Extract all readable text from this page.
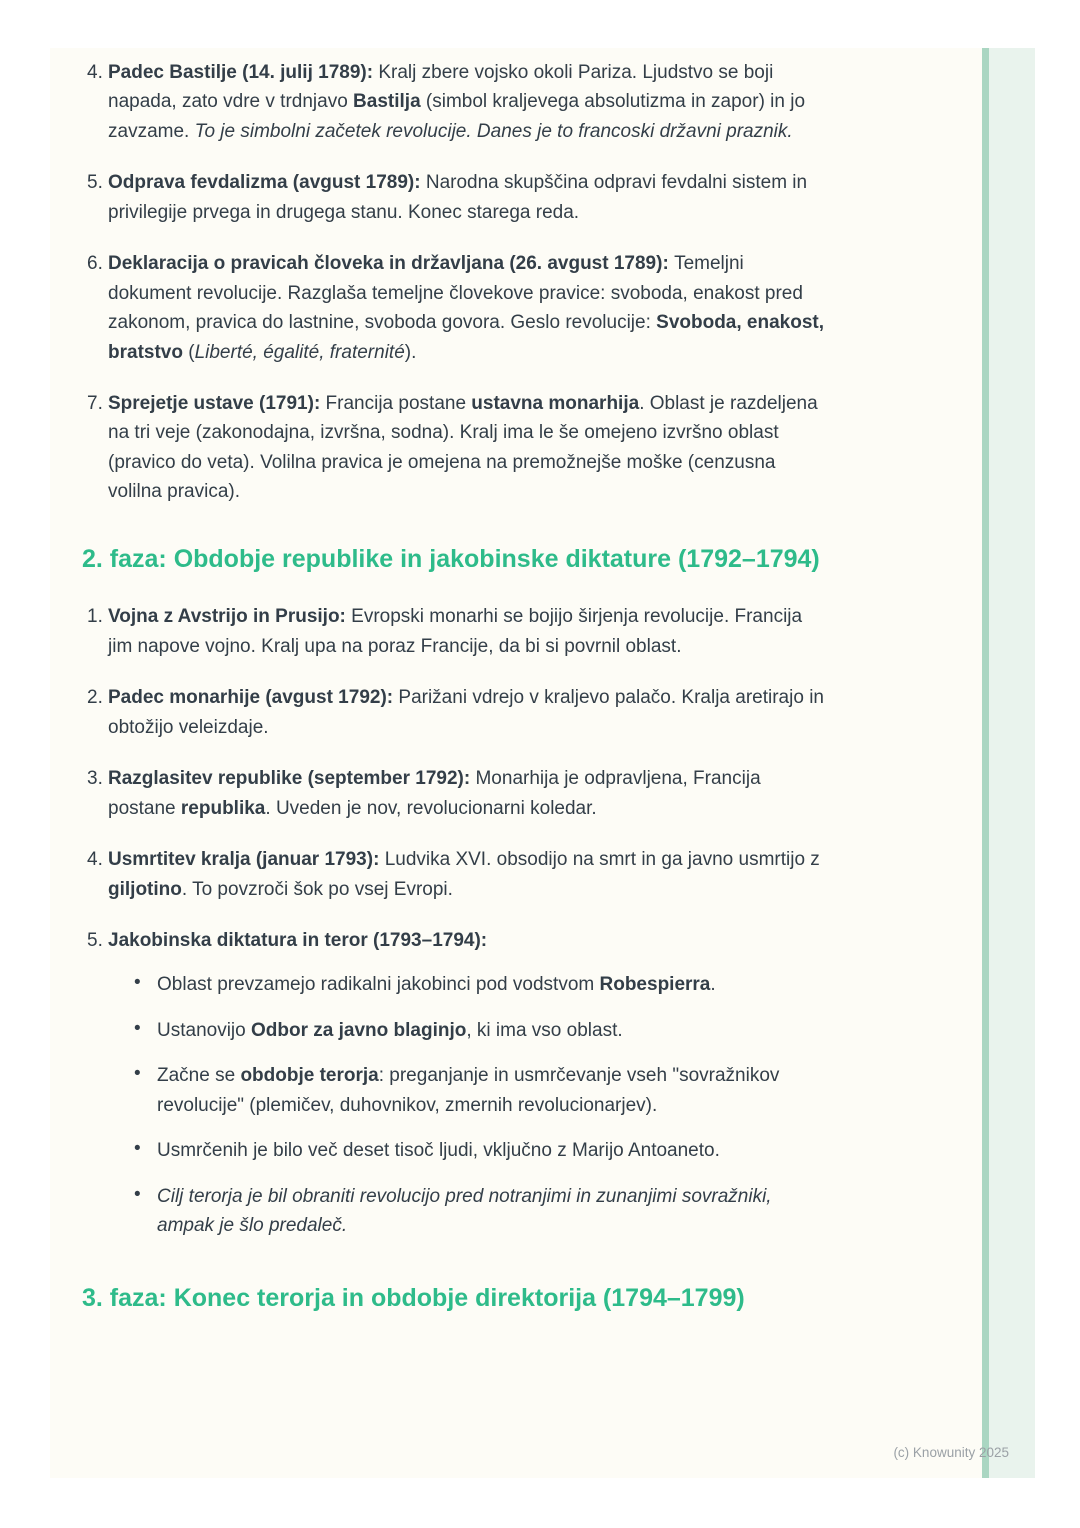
4. Padec Bastilje (14. julij 1789): Kralj zbere vojsko okoli Pariza. Ljudstvo se boji napada, zato vdre v trdnjavo Bastilja (simbol kraljevega absolutizma in zapor) in jo zavzame. To je simbolni začetek revolucije. Danes je to francoski državni praznik.
5. Odprava fevdalizma (avgust 1789): Narodna skupščina odpravi fevdalni sistem in privilegije prvega in drugega stanu. Konec starega reda.
6. Deklaracija o pravicah človeka in državljana (26. avgust 1789): Temeljni dokument revolucije. Razglaša temeljne človekove pravice: svoboda, enakost pred zakonom, pravica do lastnine, svoboda govora. Geslo revolucije: Svoboda, enakost, bratstvo (Liberté, égalité, fraternité).
7. Sprejetje ustave (1791): Francija postane ustavna monarhija. Oblast je razdeljena na tri veje (zakonodajna, izvršna, sodna). Kralj ima le še omejeno izvršno oblast (pravico do veta). Volilna pravica je omejena na premožnejše moške (cenzusna volilna pravica).
2. faza: Obdobje republike in jakobinske diktature (1792–1794)
1. Vojna z Avstrijo in Prusijo: Evropski monarhi se bojijo širjenja revolucije. Francija jim napove vojno. Kralj upa na poraz Francije, da bi si povrnil oblast.
2. Padec monarhije (avgust 1792): Parižani vdrejo v kraljevo palačo. Kralja aretirajo in obtožijo veleizdaje.
3. Razglasitev republike (september 1792): Monarhija je odpravljena, Francija postane republika. Uveden je nov, revolucionarni koledar.
4. Usmrtitev kralja (januar 1793): Ludvika XVI. obsodijo na smrt in ga javno usmrtijo z giljotino. To povzroči šok po vsej Evropi.
5. Jakobinska diktatura in teror (1793–1794):
• Oblast prevzamejo radikalni jakobinci pod vodstvom Robespierra.
• Ustanovijo Odbor za javno blaginjo, ki ima vso oblast.
• Začne se obdobje terorja: preganjanje in usmrčevanje vseh "sovražnikov revolucije" (plemičev, duhovnikov, zmernih revolucionarjev).
• Usmrčenih je bilo več deset tisoč ljudi, vključno z Marijo Antoaneto.
• Cilj terorja je bil obraniti revolucijo pred notranjimi in zunanjimi sovražniki, ampak je šlo predaleč.
3. faza: Konec terorja in obdobje direktorija (1794–1799)
(c) Knowunity 2025
